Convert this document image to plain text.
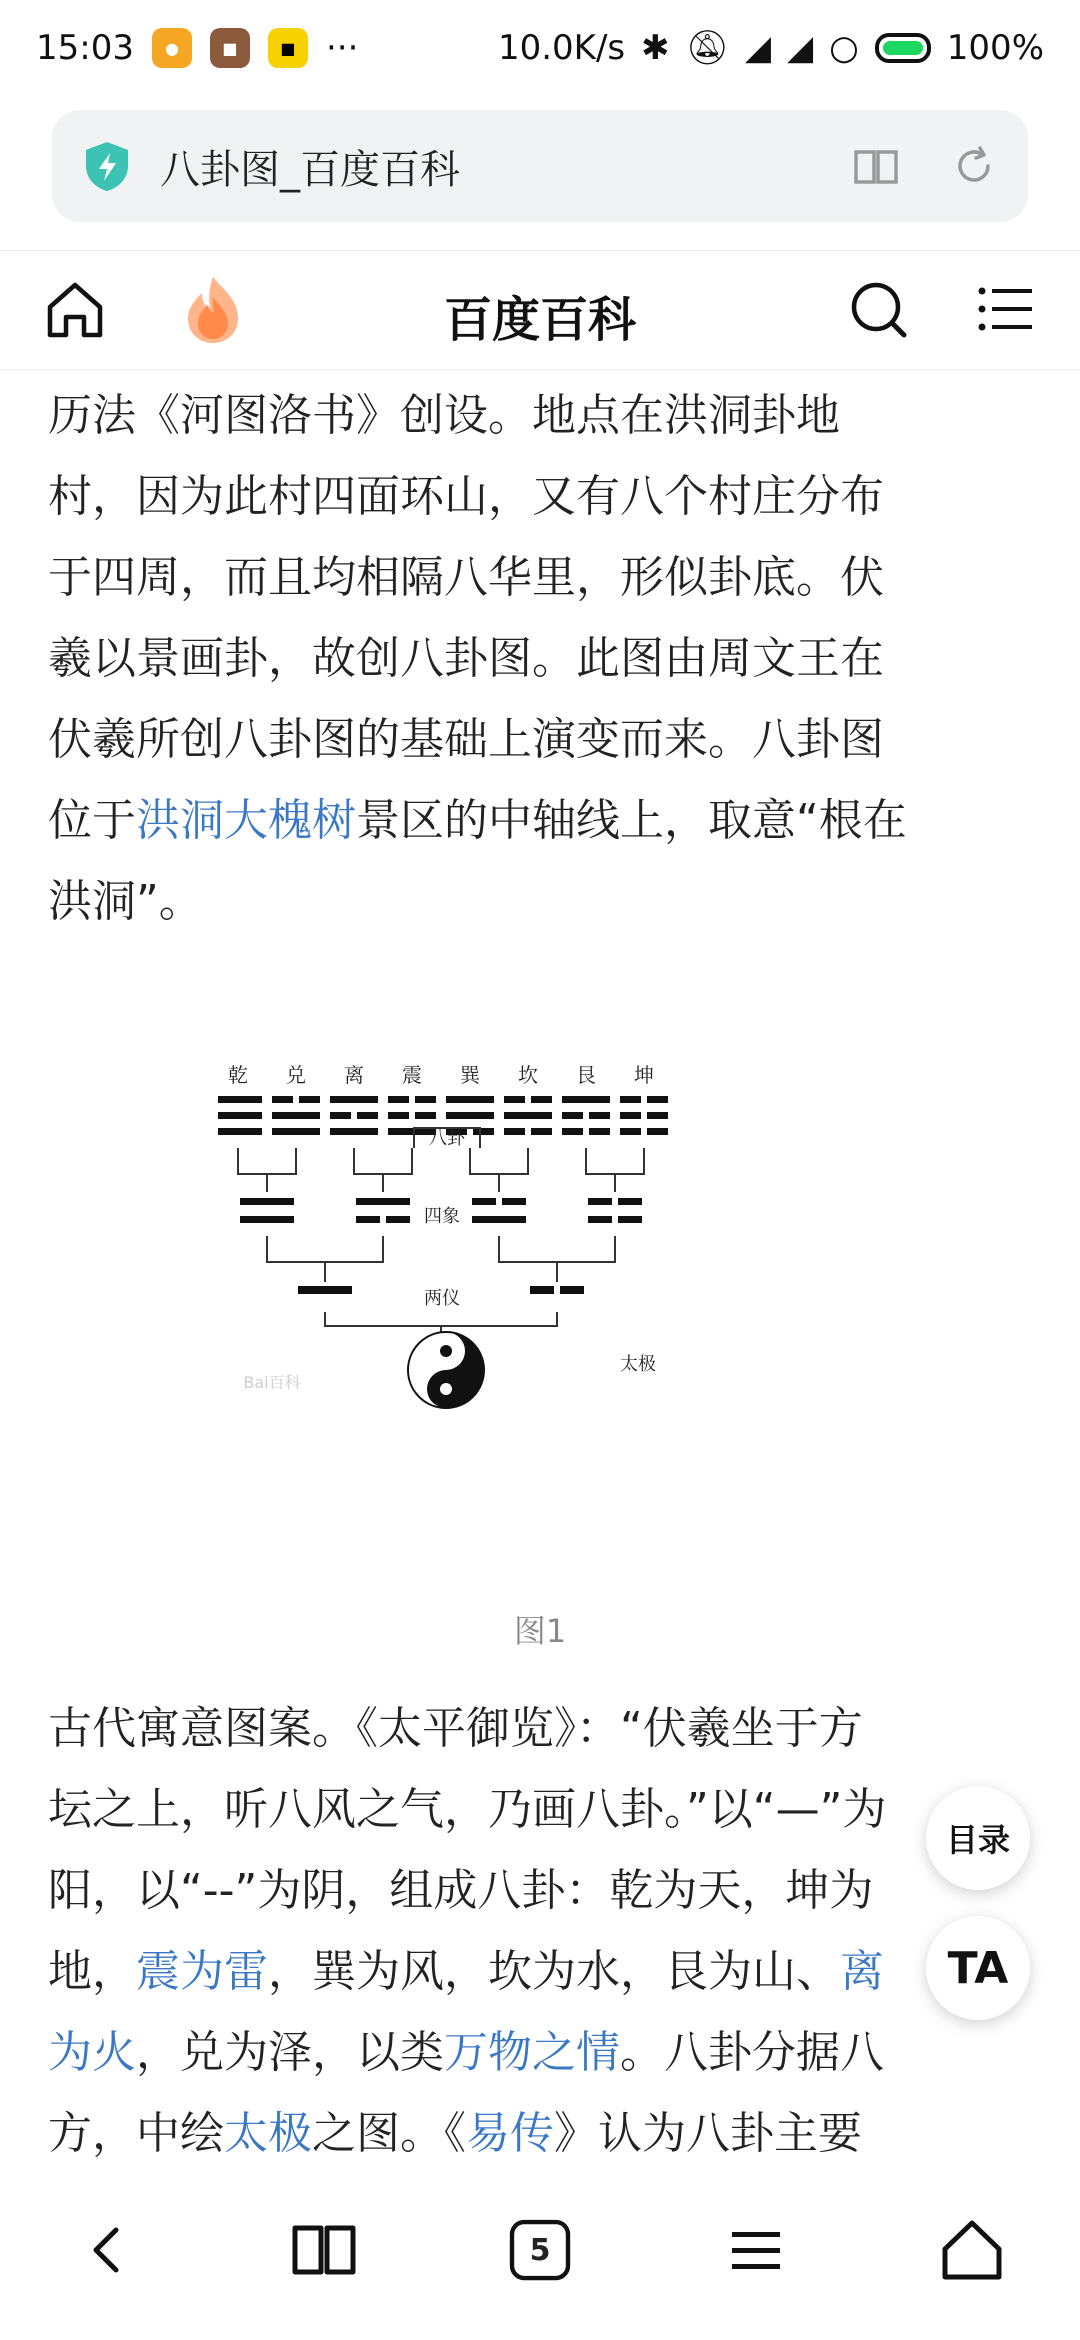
15:03	●	■	■ ···	10.0K/s ✱ 🔕︎ ◢ ◢ ○	100%
八卦图_百度百科
百度百科
历法《河图洛书》创设。地点在洪洞卦地
村，因为此村四面环山，又有八个村庄分布
于四周，而且均相隔八华里，形似卦底。伏
羲以景画卦，故创八卦图。此图由周文王在
伏羲所创八卦图的基础上演变而来。八卦图
位于洪洞大槐树景区的中轴线上，取意“根在
洪洞”。
乾 兑 离 震 巽 坎 艮 坤
八卦
四象
两仪
太极
Bai百科
图1
古代寓意图案。《太平御览》：“伏羲坐于方
坛之上，听八风之气，乃画八卦。”以“—”为
阳，以“--”为阴，组成八卦：乾为天，坤为
地，震为雷，巽为风，坎为水，艮为山、离
为火，兑为泽，以类万物之情。八卦分据八
方，中绘太极之图。《易传》认为八卦主要
目录
TA
5
